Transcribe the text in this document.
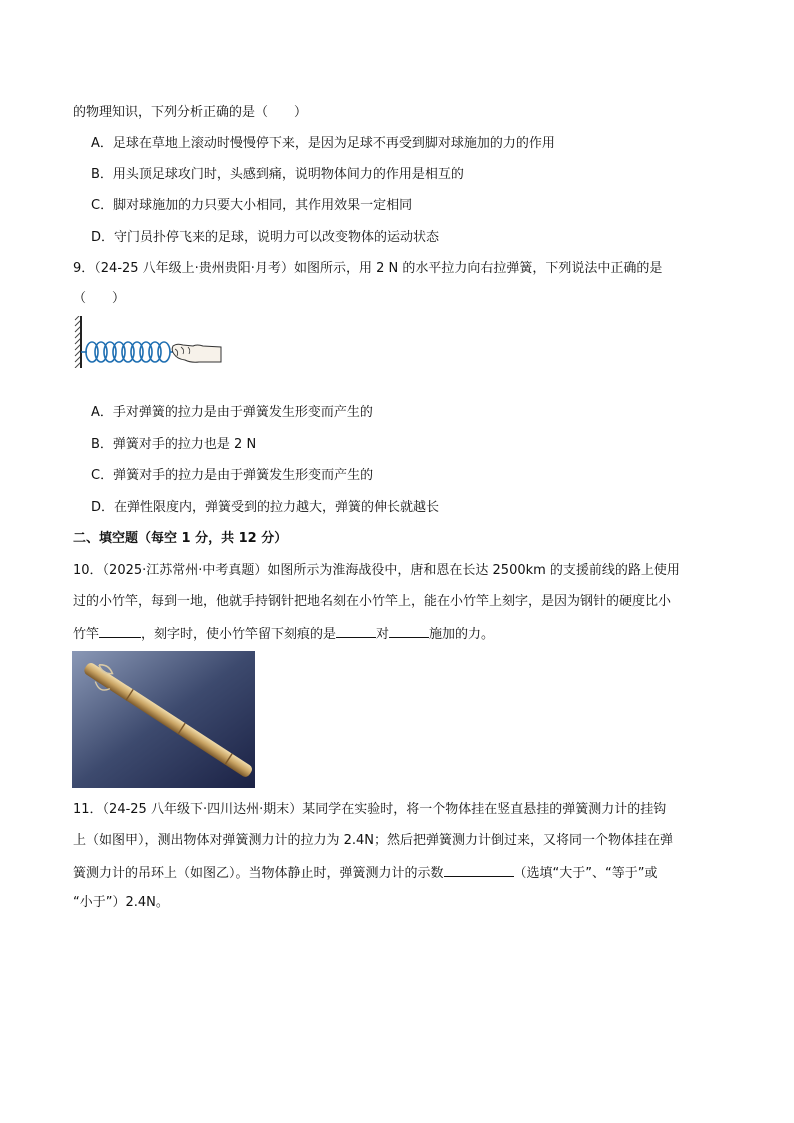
的物理知识，下列分析正确的是（　　）
A．足球在草地上滚动时慢慢停下来，是因为足球不再受到脚对球施加的力的作用
B．用头顶足球攻门时，头感到痛，说明物体间力的作用是相互的
C．脚对球施加的力只要大小相同，其作用效果一定相同
D．守门员扑停飞来的足球，说明力可以改变物体的运动状态
9．（24-25 八年级上·贵州贵阳·月考）如图所示，用 2 N 的水平拉力向右拉弹簧，下列说法中正确的是
（　　）
A．手对弹簧的拉力是由于弹簧发生形变而产生的
B．弹簧对手的拉力也是 2 N
C．弹簧对手的拉力是由于弹簧发生形变而产生的
D．在弹性限度内，弹簧受到的拉力越大，弹簧的伸长就越长
二、填空题（每空 1 分，共 12 分）
10．（2025·江苏常州·中考真题）如图所示为淮海战役中，唐和恩在长达 2500km 的支援前线的路上使用
过的小竹竿，每到一地，他就手持钢针把地名刻在小竹竿上，能在小竹竿上刻字，是因为钢针的硬度比小
竹竿	，刻字时，使小竹竿留下刻痕的是	对	施加的力。
11．（24-25 八年级下·四川达州·期末）某同学在实验时，将一个物体挂在竖直悬挂的弹簧测力计的挂钩
上（如图甲），测出物体对弹簧测力计的拉力为 2.4N；然后把弹簧测力计倒过来，又将同一个物体挂在弹
簧测力计的吊环上（如图乙）。当物体静止时，弹簧测力计的示数	（选填“大于”、“等于”或
“小于”）2.4N。
